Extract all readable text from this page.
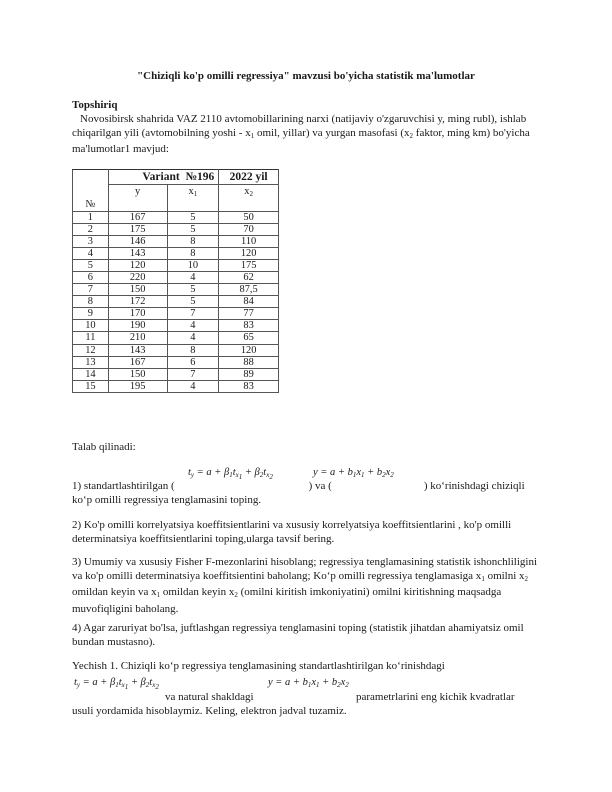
"Chiziqli ko'p omilli regressiya" mavzusi bo'yicha statistik ma'lumotlar
Topshiriq
Novosibirsk shahrida VAZ 2110 avtomobillarining narxi (natijaviy o'zgaruvchisi y, ming rubl), ishlab chiqarilgan yili (avtomobilning yoshi - $x_1$ omil, yillar) va yurgan masofasi ($x_2$ faktor, ming km) bo'yicha ma'lumotlar1 mavjud:
	Variant №196		2022 yil
№	y	$x_1$	$x_2$
1	167	5	50
2	175	5	70
3	146	8	110
4	143	8	120
5	120	10	175
6	220	4	62
7	150	5	87,5
8	172	5	84
9	170	7	77
10	190	4	83
11	210	4	65
12	143	8	120
13	167	6	88
14	150	7	89
15	195	4	83
Talab qilinadi:
$t_y = a + \beta_1t_{x_1} + \beta_2t_{x_2}$	$y = a + b_1x_1 + b_2x_2$
1) standartlashtirilgan (	) va (	) ko‘rinishdagi chiziqli ko‘p omilli regressiya tenglamasini toping.
2) Ko'p omilli korrelyatsiya koeffitsientlarini va xususiy korrelyatsiya koeffitsientlarini , ko'p omilli determinatsiya koeffitsientlarini toping,ularga tavsif bering.
3) Umumiy va xususiy Fisher F-mezonlarini hisoblang; regressiya tenglamasining statistik ishonchliligini va ko'p omilli determinatsiya koeffitsientini baholang; Ko‘p omilli regressiya tenglamasiga $x_1$ omilni $x_2$ omildan keyin va $x_1$ omildan keyin $x_2$ (omilni kiritish imkoniyatini) omilni kiritishning maqsadga muvofiqligini baholang.
4) Agar zaruriyat bo'lsa, juftlashgan regressiya tenglamasini toping (statistik jihatdan ahamiyatsiz omil bundan mustasno).
Yechish 1. Chiziqli ko‘p regressiya tenglamasining standartlashtirilgan ko‘rinishdagi
$t_y = a + \beta_1t_{x_1} + \beta_2t_{x_2}$	$y = a + b_1x_1 + b_2x_2$
va natural shakldagi	parametrlarini eng kichik kvadratlar
usuli yordamida hisoblaymiz. Keling, elektron jadval tuzamiz.
